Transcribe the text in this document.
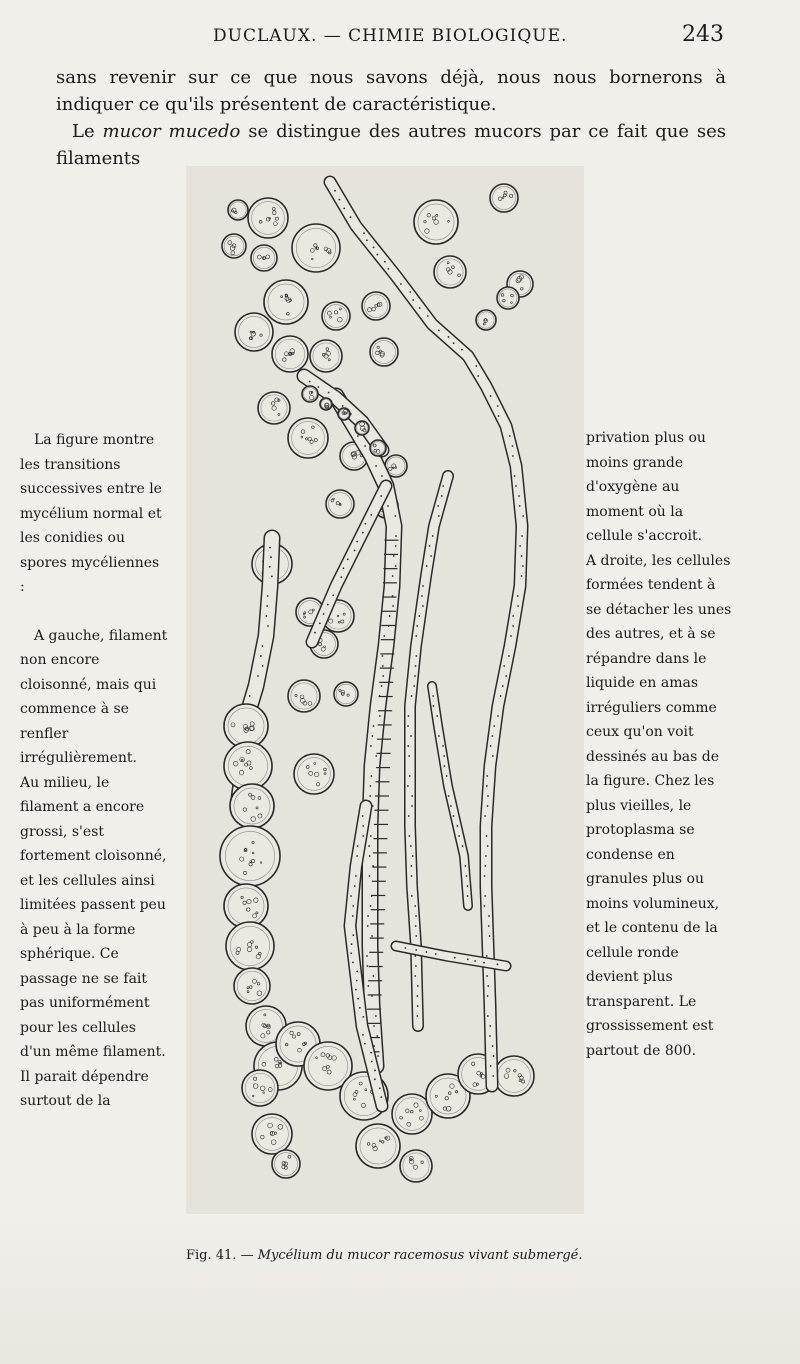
DUCLAUX. — CHIMIE BIOLOGIQUE.	243

sans revenir sur ce que nous savons déjà, nous nous bornerons à indiquer ce qu'ils présentent de caractéristique.

Le mucor mucedo se distingue des autres mucors par ce fait que ses filaments

La figure montre les transitions successives entre le mycélium normal et les conidies ou spores mycéliennes :

A gauche, filament non encore cloisonné, mais qui commence à se renfler irrégulièrement.

Au milieu, le filament a encore grossi, s'est fortement cloisonné, et les cellules ainsi limitées passent peu à peu à la forme sphérique. Ce passage ne se fait pas uniformément pour les cellules d'un même filament. Il parait dépendre surtout de la

privation plus ou moins grande d'oxygène au moment où la cellule s'accroit.

A droite, les cellules formées tendent à se détacher les unes des autres, et à se répandre dans le liquide en amas irréguliers comme ceux qu'on voit dessinés au bas de la figure. Chez les plus vieilles, le protoplasma se condense en granules plus ou moins volumineux, et le contenu de la cellule ronde devient plus transparent. Le grossissement est partout de 800.

Fig. 41. — Mycélium du mucor racemosus vivant submergé.
